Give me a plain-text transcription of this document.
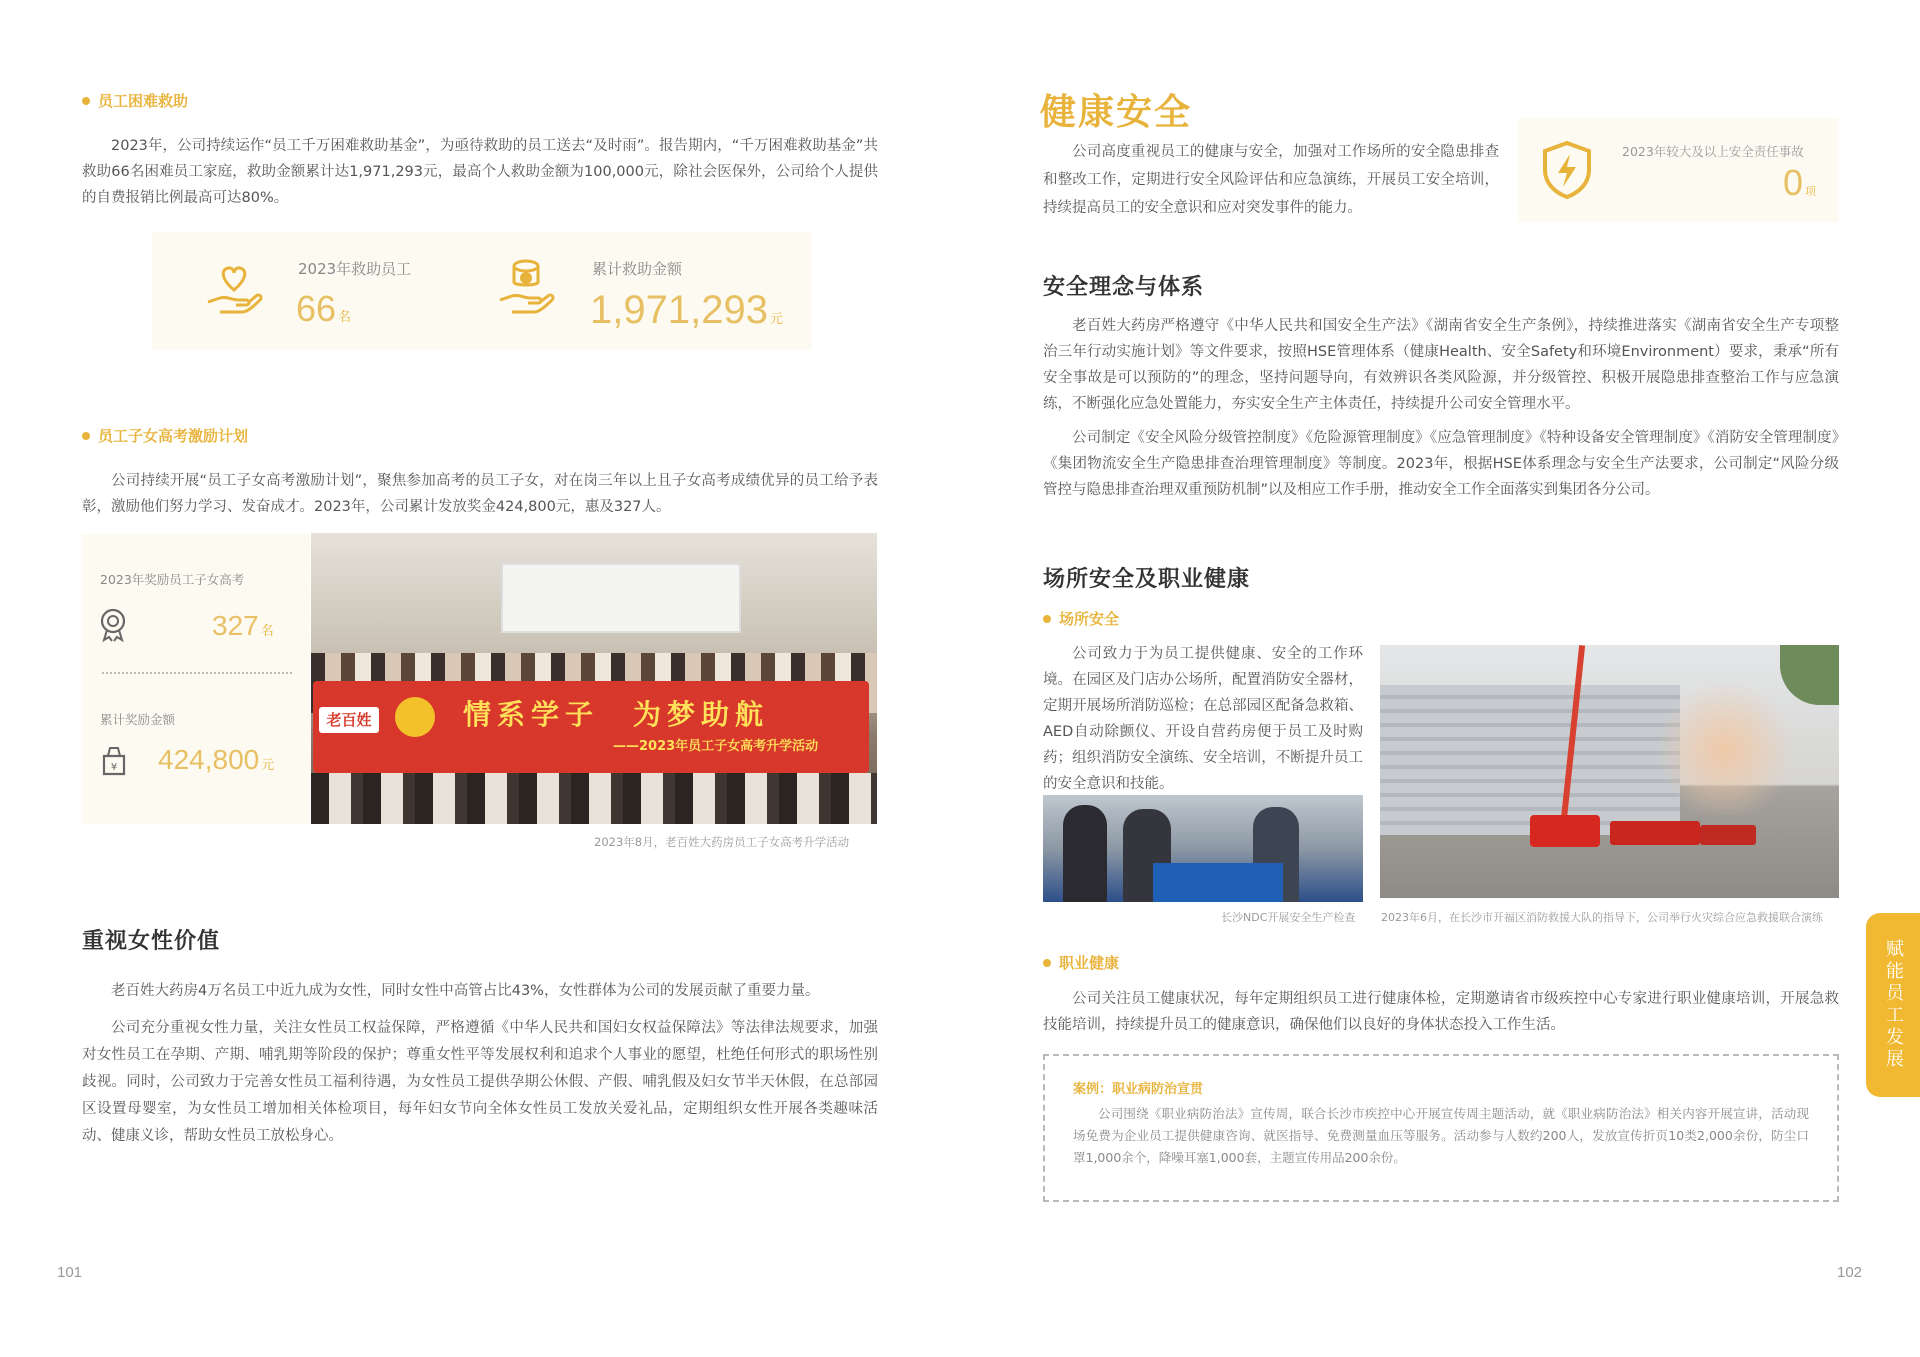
员工困难救助

2023年，公司持续运作“员工千万困难救助基金”，为亟待救助的员工送去“及时雨”。报告期内，“千万困难救助基金”共救助66名困难员工家庭，救助金额累计达1,971,293元，最高个人救助金额为100,000元，除社会医保外，公司给个人提供的自费报销比例最高可达80%。

2023年救助员工
66 名
累计救助金额
1,971,293 元
员工子女高考激励计划

公司持续开展“员工子女高考激励计划”，聚焦参加高考的员工子女，对在岗三年以上且子女高考成绩优异的员工给予表彰，激励他们努力学习、发奋成才。2023年，公司累计发放奖金424,800元，惠及327人。

2023年奖励员工子女高考
327 名
累计奖励金额
¥ 424,800 元
老百姓	情系学子　为梦助航
——2023年员工子女高考升学活动
2023年8月，老百姓大药房员工子女高考升学活动
重视女性价值

老百姓大药房4万名员工中近九成为女性，同时女性中高管占比43%，女性群体为公司的发展贡献了重要力量。

公司充分重视女性力量，关注女性员工权益保障，严格遵循《中华人民共和国妇女权益保障法》等法律法规要求，加强对女性员工在孕期、产期、哺乳期等阶段的保护；尊重女性平等发展权利和追求个人事业的愿望，杜绝任何形式的职场性别歧视。同时，公司致力于完善女性员工福利待遇，为女性员工提供孕期公休假、产假、哺乳假及妇女节半天休假，在总部园区设置母婴室，为女性员工增加相关体检项目，每年妇女节向全体女性员工发放关爱礼品，定期组织女性开展各类趣味活动、健康义诊，帮助女性员工放松身心。

101
健康安全

公司高度重视员工的健康与安全，加强对工作场所的安全隐患排查和整改工作，定期进行安全风险评估和应急演练，开展员工安全培训，持续提高员工的安全意识和应对突发事件的能力。

2023年较大及以上安全责任事故
0 项
安全理念与体系

老百姓大药房严格遵守《中华人民共和国安全生产法》《湖南省安全生产条例》，持续推进落实《湖南省安全生产专项整治三年行动实施计划》等文件要求，按照HSE管理体系（健康Health、安全Safety和环境Environment）要求，秉承“所有安全事故是可以预防的”的理念，坚持问题导向，有效辨识各类风险源，并分级管控、积极开展隐患排查整治工作与应急演练，不断强化应急处置能力，夯实安全生产主体责任，持续提升公司安全管理水平。

公司制定《安全风险分级管控制度》《危险源管理制度》《应急管理制度》《特种设备安全管理制度》《消防安全管理制度》《集团物流安全生产隐患排查治理管理制度》等制度。2023年，根据HSE体系理念与安全生产法要求，公司制定“风险分级管控与隐患排查治理双重预防机制”以及相应工作手册，推动安全工作全面落实到集团各分公司。

场所安全及职业健康
场所安全

公司致力于为员工提供健康、安全的工作环境。在园区及门店办公场所，配置消防安全器材，定期开展场所消防巡检；在总部园区配备急救箱、AED自动除颤仪、开设自营药房便于员工及时购药；组织消防安全演练、安全培训，不断提升员工的安全意识和技能。

长沙NDC开展安全生产检查 2023年6月，在长沙市开福区消防救援大队的指导下，公司举行火灾综合应急救援联合演练
职业健康

公司关注员工健康状况，每年定期组织员工进行健康体检，定期邀请省市级疾控中心专家进行职业健康培训，开展急救技能培训，持续提升员工的健康意识，确保他们以良好的身体状态投入工作生活。

案例：职业病防治宣贯

公司围绕《职业病防治法》宣传周，联合长沙市疾控中心开展宣传周主题活动，就《职业病防治法》相关内容开展宣讲，活动现场免费为企业员工提供健康咨询、就医指导、免费测量血压等服务。活动参与人数约200人，发放宣传折页10类2,000余份，防尘口罩1,000余个，降噪耳塞1,000套，主题宣传用品200余份。

赋能员工发展
102
